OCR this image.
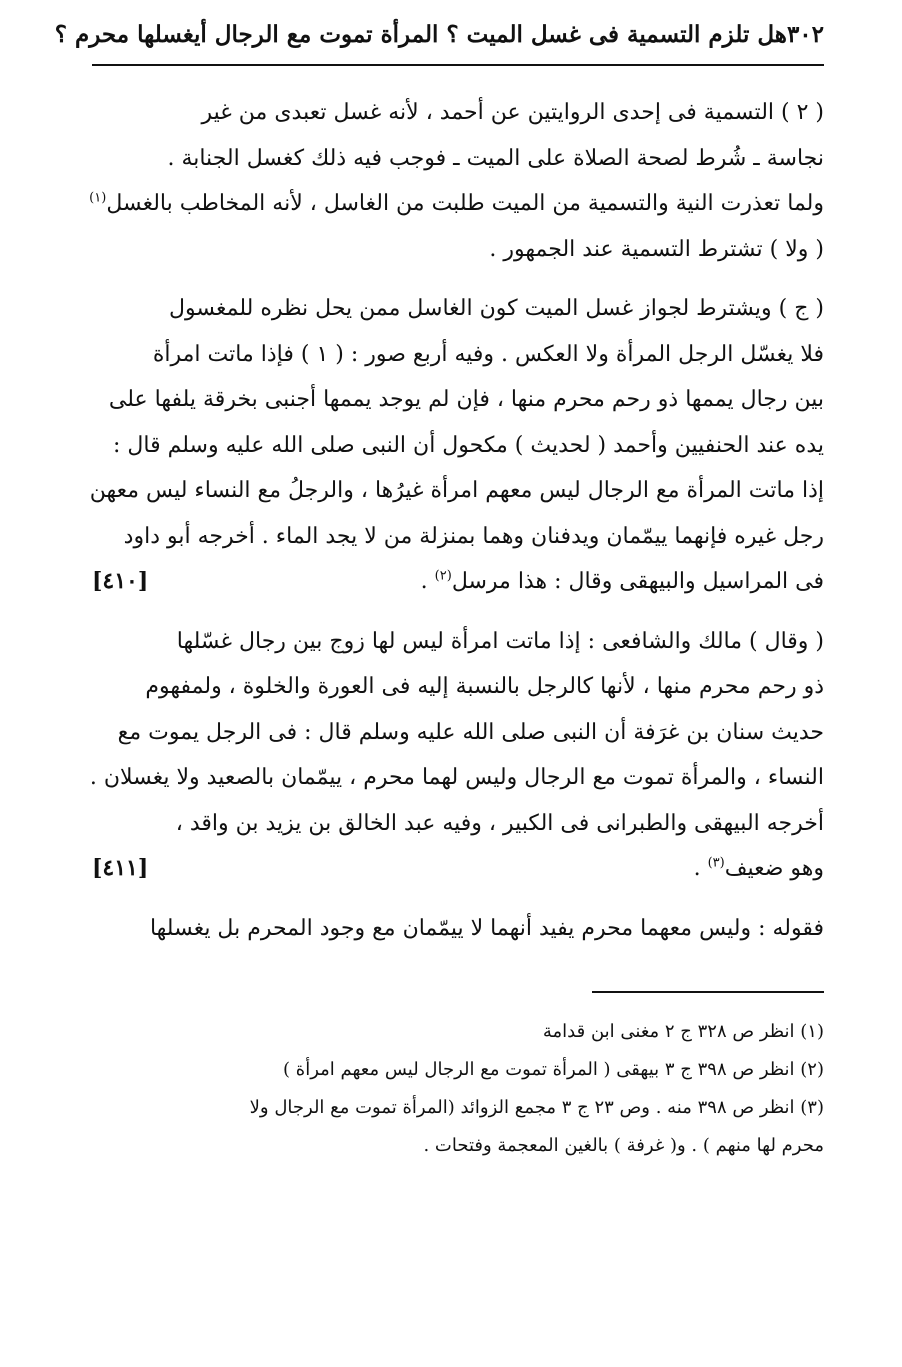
٣٠٢
هل تلزم التسمية فى غسل الميت ؟ المرأة تموت مع الرجال أيغسلها محرم ؟
( ٢ ) التسمية فى إحدى الروايتين عن أحمد ، لأنه غسل تعبدى من غير
نجاسة ـ شُرط لصحة الصلاة على الميت ـ فوجب فيه ذلك كغسل الجنابة .
ولما تعذرت النية والتسمية من الميت طلبت من الغاسل ، لأنه المخاطب بالغسل$^{(١)}$
( ولا ) تشترط التسمية عند الجمهور .
( ج ) ويشترط لجواز غسل الميت كون الغاسل ممن يحل نظره للمغسول
فلا يغسّل الرجل المرأة ولا العكس . وفيه أربع صور : ( ١ ) فإذا ماتت امرأة
بين رجال يممها ذو رحم محرم منها ، فإن لم يوجد يممها أجنبى بخرقة يلفها على
يده عند الحنفيين وأحمد ( لحديث ) مكحول أن النبى صلى الله عليه وسلم قال :
إذا ماتت المرأة مع الرجال ليس معهم امرأة غيرُها ، والرجلُ مع النساء ليس معهن
رجل غيره فإنهما ييمّمان ويدفنان وهما بمنزلة من لا يجد الماء . أخرجه أبو داود
فى المراسيل والبيهقى وقال : هذا مرسل$^{(٢)}$ .
[٤١٠]
( وقال ) مالك والشافعى : إذا ماتت امرأة ليس لها زوج بين رجال غسّلها
ذو رحم محرم منها ، لأنها كالرجل بالنسبة إليه فى العورة والخلوة ، ولمفهوم
حديث سنان بن غرَفة أن النبى صلى الله عليه وسلم قال : فى الرجل يموت مع
النساء ، والمرأة تموت مع الرجال وليس لهما محرم ، ييمّمان بالصعيد ولا يغسلان .
أخرجه البيهقى والطبرانى فى الكبير ، وفيه عبد الخالق بن يزيد بن واقد ،
وهو ضعيف$^{(٣)}$ .
[٤١١]
فقوله : وليس معهما محرم يفيد أنهما لا ييمّمان مع وجود المحرم بل يغسلها
(١) انظر ص ٣٢٨ ج ٢ مغنى ابن قدامة
(٢) انظر ص ٣٩٨ ج ٣ بيهقى ( المرأة تموت مع الرجال ليس معهم امرأة )
(٣) انظر ص ٣٩٨ منه . وص ٢٣ ج ٣ مجمع الزوائد (المرأة تموت مع الرجال ولا
محرم لها منهم ) . و( غرفة ) بالغين المعجمة وفتحات .
